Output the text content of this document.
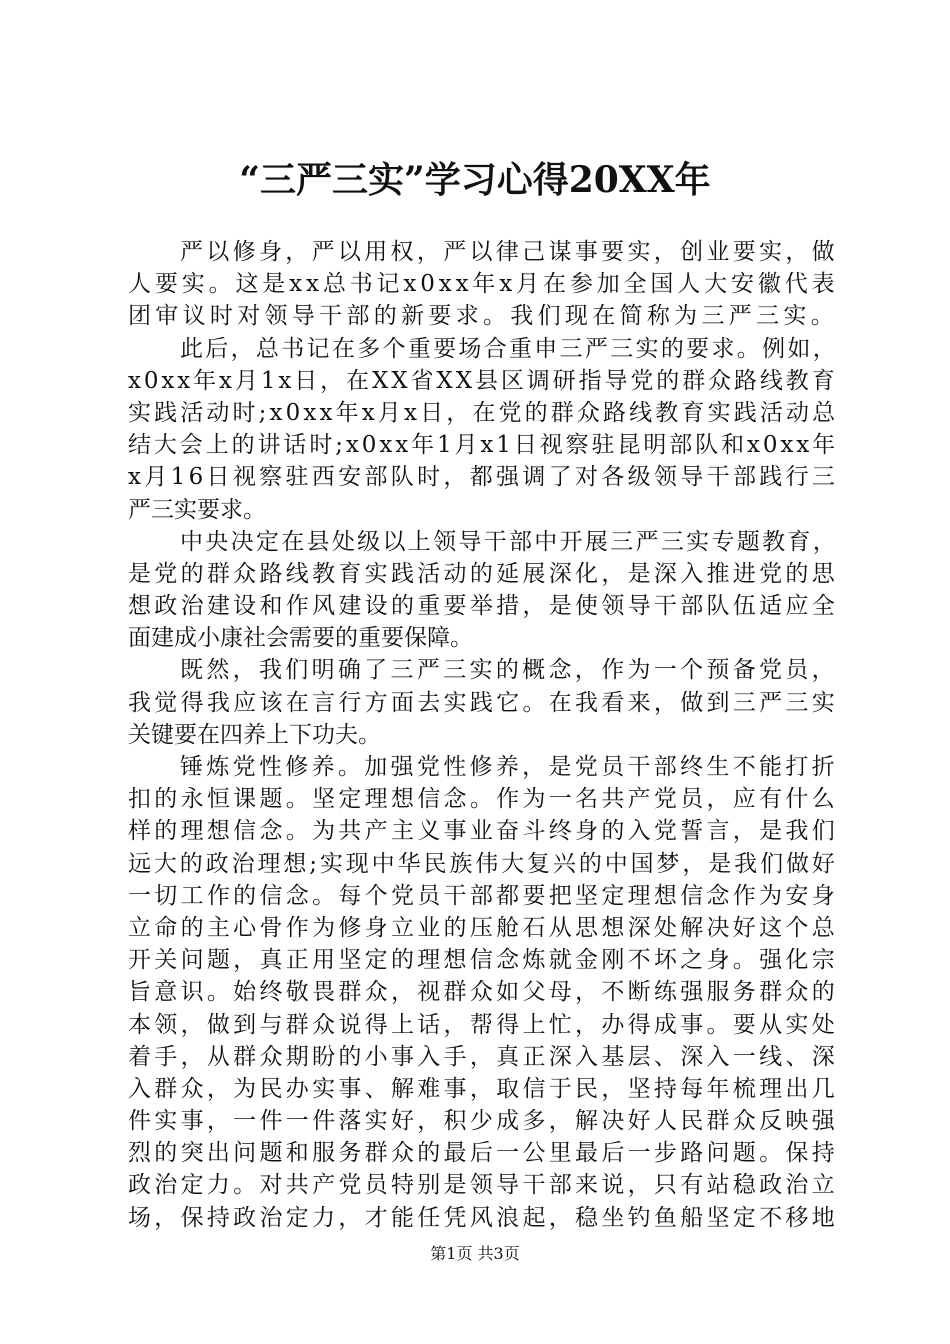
“三严三实”学习心得20XX年
严以修身，严以用权，严以律己谋事要实，创业要实，做
人要实。这是xx总书记x0xx年x月在参加全国人大安徽代表
团审议时对领导干部的新要求。我们现在简称为三严三实。
此后，总书记在多个重要场合重申三严三实的要求。例如，
x0xx年x月1x日，在XX省XX县区调研指导党的群众路线教育
实践活动时;x0xx年x月x日，在党的群众路线教育实践活动总
结大会上的讲话时;x0xx年1月x1日视察驻昆明部队和x0xx年
x月16日视察驻西安部队时，都强调了对各级领导干部践行三
严三实要求。
中央决定在县处级以上领导干部中开展三严三实专题教育，
是党的群众路线教育实践活动的延展深化，是深入推进党的思
想政治建设和作风建设的重要举措，是使领导干部队伍适应全
面建成小康社会需要的重要保障。
既然，我们明确了三严三实的概念，作为一个预备党员，
我觉得我应该在言行方面去实践它。在我看来，做到三严三实
关键要在四养上下功夫。
锤炼党性修养。加强党性修养，是党员干部终生不能打折
扣的永恒课题。坚定理想信念。作为一名共产党员，应有什么
样的理想信念。为共产主义事业奋斗终身的入党誓言，是我们
远大的政治理想;实现中华民族伟大复兴的中国梦，是我们做好
一切工作的信念。每个党员干部都要把坚定理想信念作为安身
立命的主心骨作为修身立业的压舱石从思想深处解决好这个总
开关问题，真正用坚定的理想信念炼就金刚不坏之身。强化宗
旨意识。始终敬畏群众，视群众如父母，不断练强服务群众的
本领，做到与群众说得上话，帮得上忙，办得成事。要从实处
着手，从群众期盼的小事入手，真正深入基层、深入一线、深
入群众，为民办实事、解难事，取信于民，坚持每年梳理出几
件实事，一件一件落实好，积少成多，解决好人民群众反映强
烈的突出问题和服务群众的最后一公里最后一步路问题。保持
政治定力。对共产党员特别是领导干部来说，只有站稳政治立
场，保持政治定力，才能任凭风浪起，稳坐钓鱼船坚定不移地
第1页 共3页
